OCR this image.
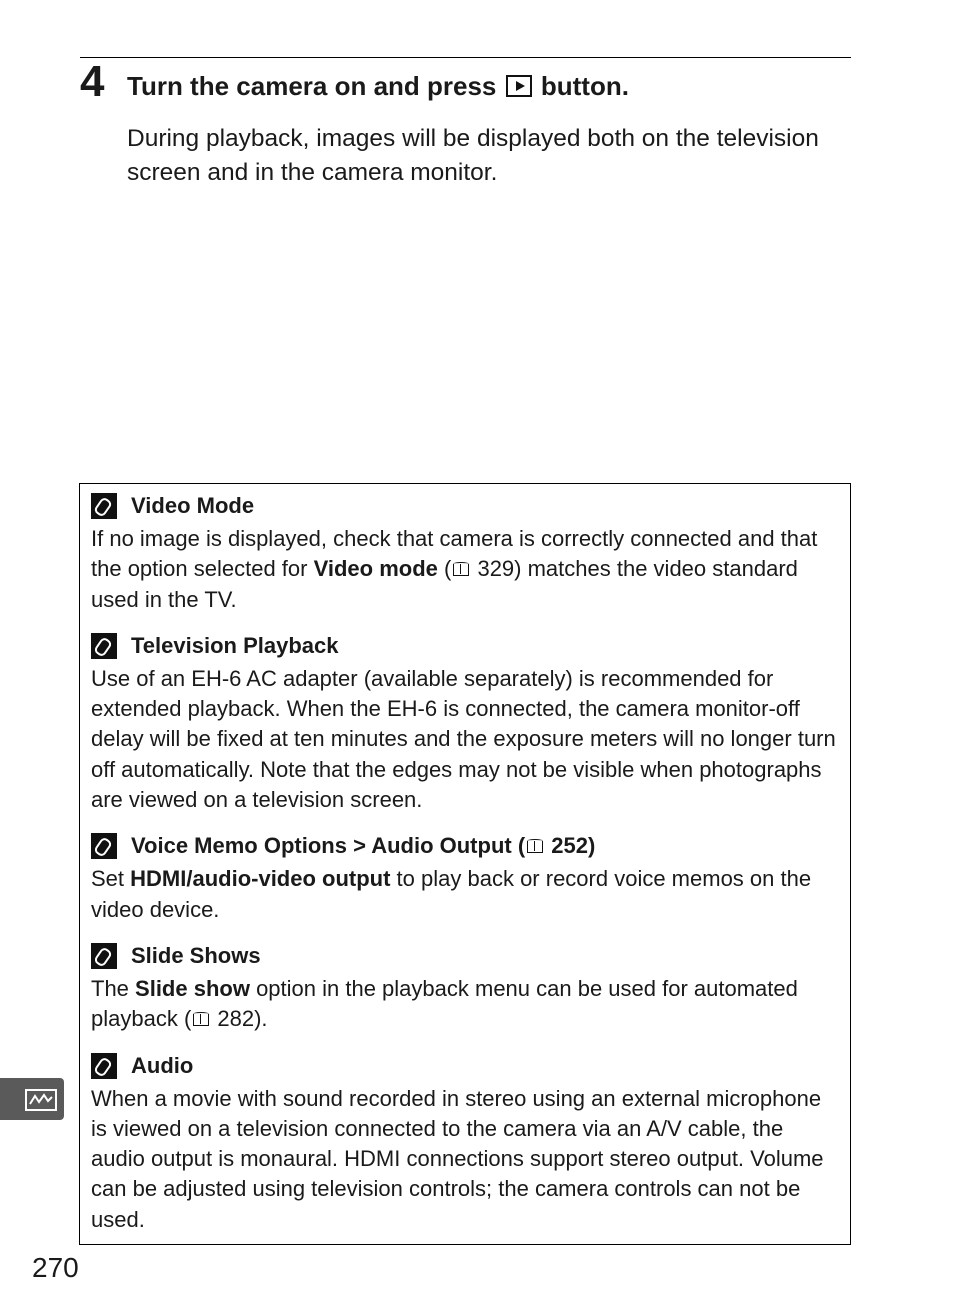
4 Turn the camera on and press button.

During playback, images will be displayed both on the television screen and in the camera monitor.

Video Mode

If no image is displayed, check that camera is correctly connected and that the option selected for Video mode ( 329) matches the video standard used in the TV.

Television Playback

Use of an EH-6 AC adapter (available separately) is recommended for extended playback. When the EH-6 is connected, the camera monitor-off delay will be fixed at ten minutes and the exposure meters will no longer turn off automatically. Note that the edges may not be visible when photographs are viewed on a television screen.

Voice Memo Options > Audio Output ( 252)

Set HDMI/audio-video output to play back or record voice memos on the video device.

Slide Shows

The Slide show option in the playback menu can be used for automated playback ( 282).

Audio

When a movie with sound recorded in stereo using an external microphone is viewed on a television connected to the camera via an A/V cable, the audio output is monaural. HDMI connections support stereo output. Volume can be adjusted using television controls; the camera controls can not be used.

270
